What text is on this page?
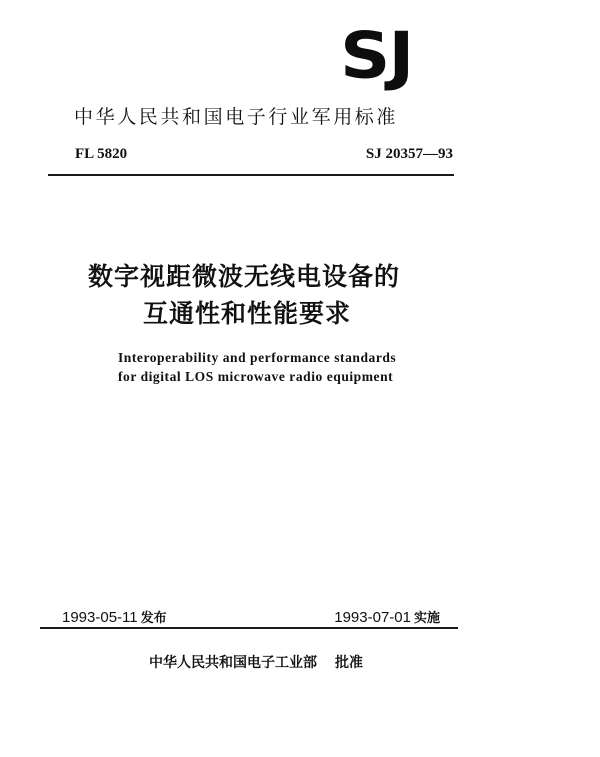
SJ
中华人民共和国电子行业军用标准
FL 5820	SJ 20357—93
数字视距微波无线电设备的
互通性和性能要求
Interoperability and performance standards
for digital LOS microwave radio equipment
1993-05-11 发布	1993-07-01 实施
中华人民共和国电子工业部 批准
